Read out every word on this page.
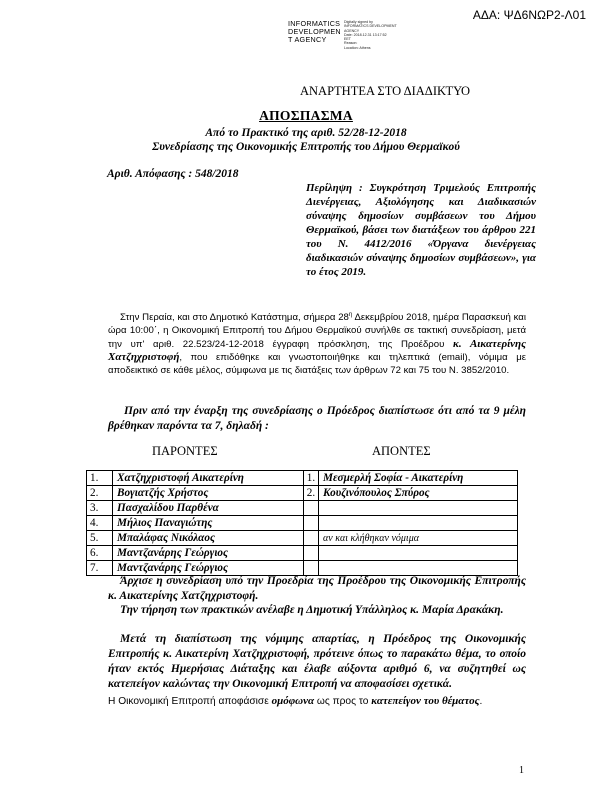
ΑΔΑ: ΨΔ6ΝΩΡ2-Λ01
INFORMATICS
DEVELOPMEN
T AGENCY
Digitally signed by
INFORMATICS DEVELOPMENT
AGENCY
Date: 2018.12.31 13:17:52
EET
Reason:
Location: Athens
ΑΝΑΡΤΗΤΕΑ ΣΤΟ ΔΙΑΔΙΚΤΥΟ
ΑΠΟΣΠΑΣΜΑ
Από το Πρακτικό της αριθ. 52/28-12-2018
Συνεδρίασης της Οικονομικής Επιτροπής του Δήμου Θερμαϊκού
Αριθ. Απόφασης : 548/2018
Περίληψη : Συγκρότηση Τριμελούς Επιτροπής Διενέργειας, Αξιολόγησης και Διαδικασιών σύναψης δημοσίων συμβάσεων του Δήμου Θερμαϊκού, βάσει των διατάξεων του άρθρου 221 του Ν. 4412/2016 «Όργανα διενέργειας διαδικασιών σύναψης δημοσίων συμβάσεων», για το έτος 2019.
Στην Περαία, και στο Δημοτικό Κατάστημα, σήμερα $28^\eta$ Δεκεμβρίου 2018, ημέρα Παρασκευή και ώρα 10:00΄, η Οικονομική Επιτροπή του Δήμου Θερμαϊκού συνήλθε σε τακτική συνεδρίαση, μετά την υπ' αριθ. 22.523/24-12-2018 έγγραφη πρόσκληση, της Προέδρου κ. Αικατερίνης Χατζηχριστοφή, που επιδόθηκε και γνωστοποιήθηκε και τηλεπτικά (email), νόμιμα με αποδεικτικό σε κάθε μέλος, σύμφωνα με τις διατάξεις των άρθρων 72 και 75 του Ν. 3852/2010.
Πριν από την έναρξη της συνεδρίασης ο Πρόεδρος διαπίστωσε ότι από τα 9 μέλη βρέθηκαν παρόντα τα 7, δηλαδή :
ΠΑΡΟΝΤΕΣ	ΑΠΟΝΤΕΣ
1.	Χατζηχριστοφή Αικατερίνη	1.	Μεσμερλή Σοφία - Αικατερίνη
2.	Βογιατζής Χρήστος	2.	Κουζινόπουλος Σπύρος
3.	Πασχαλίδου Παρθένα		
4.	Μήλιος Παναγιώτης		
5.	Μπαλάφας Νικόλαος		αν και κλήθηκαν νόμιμα
6.	Μαντζανάρης Γεώργιος		
7.	Μαντζανάρης Γεώργιος		
Άρχισε η συνεδρίαση υπό την Προεδρία της Προέδρου της Οικονομικής Επιτροπής κ. Αικατερίνης Χατζηχριστοφή.
Την τήρηση των πρακτικών ανέλαβε η Δημοτική Υπάλληλος κ. Μαρία Δρακάκη.
Μετά τη διαπίστωση της νόμιμης απαρτίας, η Πρόεδρος της Οικονομικής Επιτροπής κ. Αικατερίνη Χατζηχριστοφή, πρότεινε όπως το παρακάτω θέμα, το οποίο ήταν εκτός Ημερήσιας Διάταξης και έλαβε αύξοντα αριθμό 6, να συζητηθεί ως κατεπείγον καλώντας την Οικονομική Επιτροπή να αποφασίσει σχετικά.
Η Οικονομική Επιτροπή αποφάσισε ομόφωνα ως προς το κατεπείγον του θέματος.
1
